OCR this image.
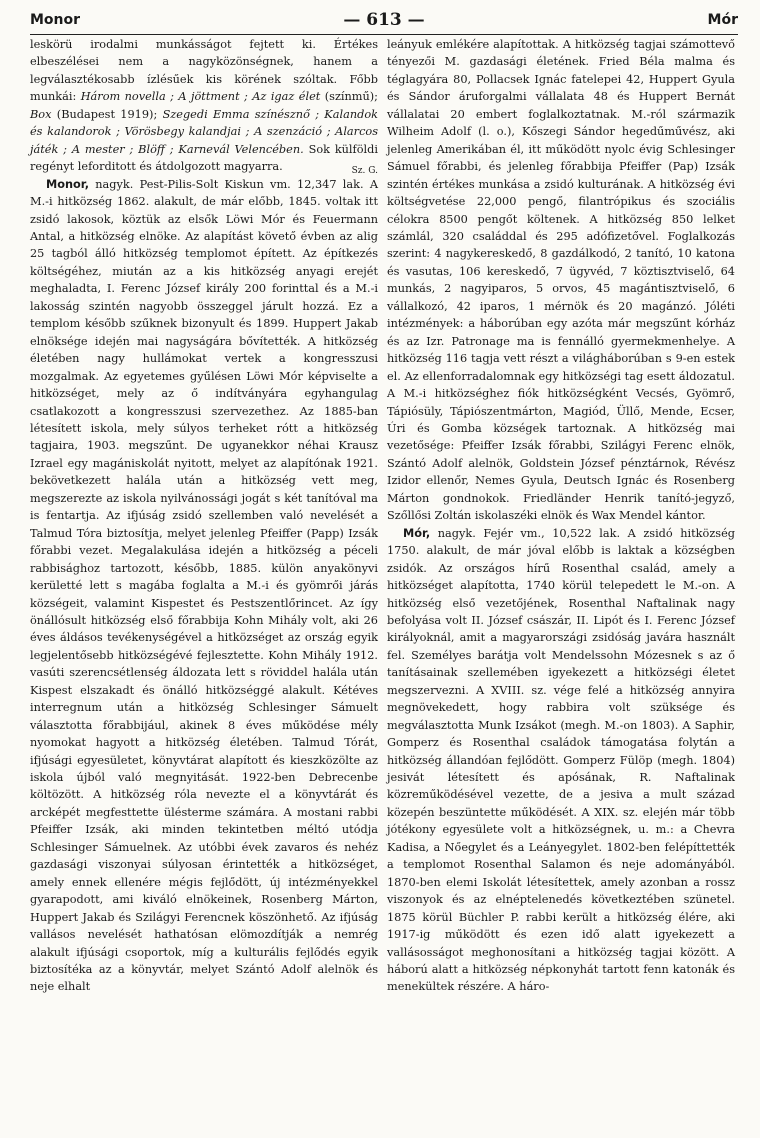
Monor	— 613 —	Mór

leskörü irodalmi munkásságot fejtett ki. Értékes elbeszélései nem a nagyközönségnek, hanem a legválasztékosabb ízlésűek kis körének szóltak. Főbb munkái: Három novella ; A jöttment ; Az igaz élet (színmű); Box (Budapest 1919); Szegedi Emma színésznő ; Kalandok és kalandorok ; Vörösbegy kalandjai ; A szenzáció ; Alarcos játék ; A mester ; Blöff ; Karnevál Velencében. Sok külföldi regényt leforditott és átdolgozott magyarra.	Sz. G.

Monor, nagyk. Pest-Pilis-Solt Kiskun vm. 12,347 lak. A M.-i hitközség 1862. alakult, de már előbb, 1845. voltak itt zsidó lakosok, köztük az elsők Löwi Mór és Feuermann Antal, a hitközség elnöke. Az alapítást követő évben az alig 25 tagból álló hitközség templomot épített. Az építkezés költségéhez, miután az a kis hitközség anyagi erejét meghaladta, I. Ferenc József király 200 forinttal és a M.-i lakosság szintén nagyobb összeggel járult hozzá. Ez a templom később szűknek bizonyult és 1899. Huppert Jakab elnöksége idején mai nagyságára bővítették. A hitközség életében nagy hullámokat vertek a kongresszusi mozgalmak. Az egyetemes gyűlésen Löwi Mór képviselte a hitközséget, mely az ő indítványára egyhangulag csatlakozott a kongresszusi szervezethez. Az 1885-ban létesített iskola, mely súlyos terheket rótt a hitközség tagjaira, 1903. megszűnt. De ugyanekkor néhai Krausz Izrael egy magániskolát nyitott, melyet az alapítónak 1921. bekövetkezett halála után a hitközség vett meg, megszerezte az iskola nyilvánossági jogát s két tanítóval ma is fentartja. Az ifjúság zsidó szellemben való nevelését a Talmud Tóra biztosítja, melyet jelenleg Pfeiffer (Papp) Izsák főrabbi vezet. Megalakulása idején a hitközség a péceli rabbisághoz tartozott, később, 1885. külön anyakönyvi kerületté lett s magába foglalta a M.-i és gyömrői járás községeit, valamint Kispestet és Pestszentlőrincet. Az így önállósult hitközség első főrabbija Kohn Mihály volt, aki 26 éves áldásos tevékenységével a hitközséget az ország egyik legjelentősebb hitközségévé fejlesztette. Kohn Mihály 1912. vasúti szerencsétlenség áldozata lett s röviddel halála után Kispest elszakadt és önálló hitközséggé alakult. Kétéves interregnum után a hitközség Schlesinger Sámuelt választotta főrabbijául, akinek 8 éves működése mély nyomokat hagyott a hitközség életében. Talmud Tórát, ifjúsági egyesületet, könyvtárat alapított és kieszközölte az iskola újból való megnyitását. 1922-ben Debrecenbe költözött. A hitközség róla nevezte el a könyvtárát és arcképét megfesttette ülésterme számára. A mostani rabbi Pfeiffer Izsák, aki minden tekintetben méltó utódja Schlesinger Sámuelnek. Az utóbbi évek zavaros és nehéz gazdasági viszonyai súlyosan érintették a hitközséget, amely ennek ellenére mégis fejlődött, új intézményekkel gyarapodott, ami kiváló elnökeinek, Rosenberg Márton, Huppert Jakab és Szilágyi Ferencnek köszönhető. Az ifjúság vallásos nevelését hathatósan elömozdítják a nemrég alakult ifjúsági csoportok, míg a kulturális fejlődés egyik biztosítéka az a könyvtár, melyet Szántó Adolf alelnök és neje elhalt

leányuk emlékére alapítottak. A hitközség tagjai számottevő tényezői M. gazdasági életének. Fried Béla malma és téglagyára 80, Pollacsek Ignác fatelepei 42, Huppert Gyula és Sándor áruforgalmi vállalata 48 és Huppert Bernát vállalatai 20 embert foglalkoztatnak. M.-ról származik Wilheim Adolf (l. o.), Kőszegi Sándor hegedűművész, aki jelenleg Amerikában él, itt működött nyolc évig Schlesinger Sámuel főrabbi, és jelenleg főrabbija Pfeiffer (Pap) Izsák szintén értékes munkása a zsidó kulturának. A hitközség évi költségvetése 22,000 pengő, filantrópikus és szociális célokra 8500 pengőt költenek. A hitközség 850 lelket számlál, 320 családdal és 295 adófizetővel. Foglalkozás szerint: 4 nagykereskedő, 8 gazdálkodó, 2 tanító, 10 katona és vasutas, 106 kereskedő, 7 ügyvéd, 7 köztisztviselő, 64 munkás, 2 nagyiparos, 5 orvos, 45 magántisztviselő, 6 vállalkozó, 42 iparos, 1 mérnök és 20 magánzó. Jóléti intézmények: a háborúban egy azóta már megszűnt kórház és az Izr. Patronage ma is fennálló gyermekmenhelye. A hitközség 116 tagja vett részt a világháborúban s 9-en estek el. Az ellenforradalomnak egy hitközségi tag esett áldozatul. A M.-i hitközséghez fiók hitközségként Vecsés, Gyömrő, Tápiósüly, Tápiószentmárton, Magiód, Üllő, Mende, Ecser, Úri és Gomba községek tartoznak. A hitközség mai vezetősége: Pfeiffer Izsák főrabbi, Szilágyi Ferenc elnök, Szántó Adolf alelnök, Goldstein József pénztárnok, Révész Izidor ellenőr, Nemes Gyula, Deutsch Ignác és Rosenberg Márton gondnokok. Friedländer Henrik tanító-jegyző, Szőllősi Zoltán iskolaszéki elnök és Wax Mendel kántor.

Mór, nagyk. Fejér vm., 10,522 lak. A zsidó hitközség 1750. alakult, de már jóval előbb is laktak a községben zsidók. Az országos hírű Rosenthal család, amely a hitközséget alapította, 1740 körül telepedett le M.-on. A hitközség első vezetőjének, Rosenthal Naftalinak nagy befolyása volt II. József császár, II. Lipót és I. Ferenc József királyoknál, amit a magyarországi zsidóság javára használt fel. Személyes barátja volt Mendelssohn Mózesnek s az ő tanításainak szellemében igyekezett a hitközségi életet megszervezni. A XVIII. sz. vége felé a hitközség annyira megnövekedett, hogy rabbira volt szüksége és megválasztotta Munk Izsákot (megh. M.-on 1803). A Saphir, Gomperz és Rosenthal családok támogatása folytán a hitközség állandóan fejlődött. Gomperz Fülöp (megh. 1804) jesivát létesített és apósának, R. Naftalinak közreműködésével vezette, de a jesiva a mult század közepén beszüntette működését. A XIX. sz. elején már több jótékony egyesülete volt a hitközségnek, u. m.: a Chevra Kadisa, a Nőegylet és a Leányegylet. 1802-ben felépíttették a templomot Rosenthal Salamon és neje adományából. 1870-ben elemi Iskolát létesítettek, amely azonban a rossz viszonyok és az elnéptelenedés következtében szünetel. 1875 körül Büchler P. rabbi került a hitközség élére, aki 1917-ig működött és ezen idő alatt igyekezett a vallásosságot meghonosítani a hitközség tagjai között. A háború alatt a hitközség népkonyhát tartott fenn katonák és menekültek részére. A háro-
